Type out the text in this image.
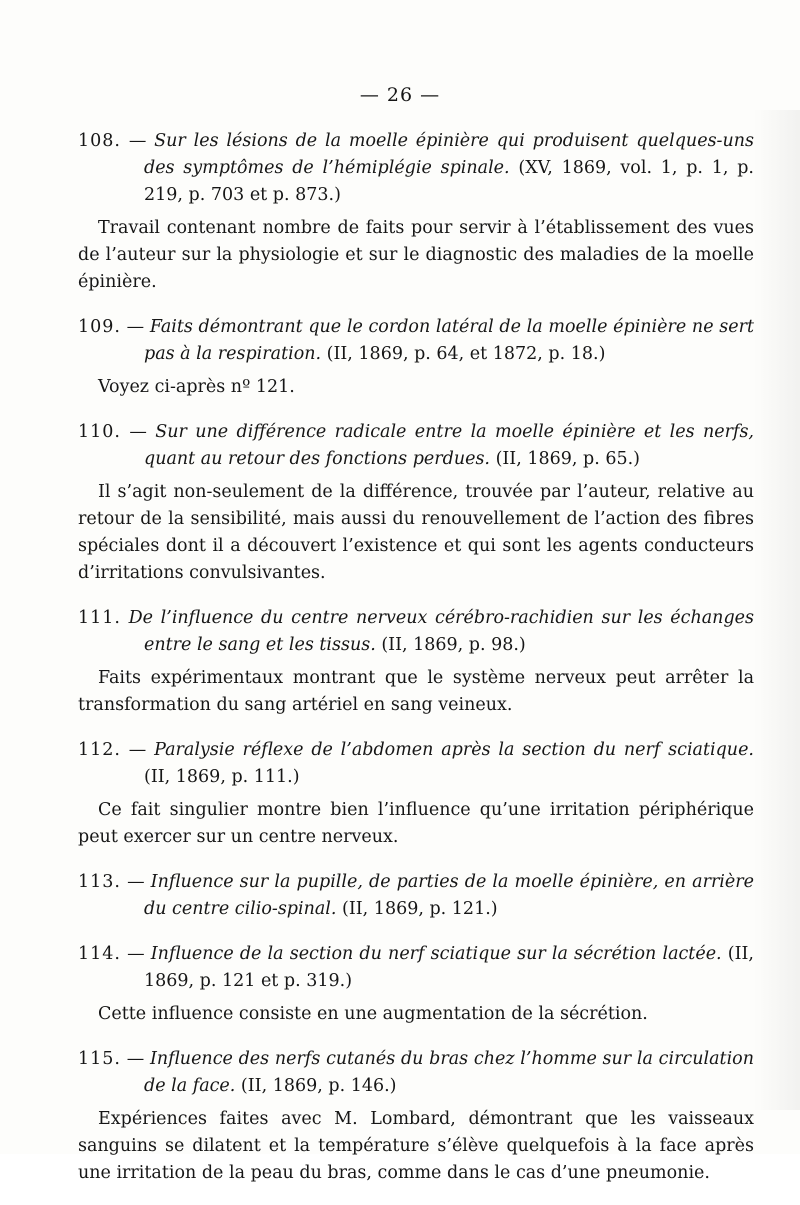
— 26 —
108. — Sur les lésions de la moelle épinière qui produisent quelques-uns des symptômes de l’hémiplégie spinale. (XV, 1869, vol. 1, p. 1, p. 219, p. 703 et p. 873.)
Travail contenant nombre de faits pour servir à l’établissement des vues de l’auteur sur la physiologie et sur le diagnostic des maladies de la moelle épinière.
109. — Faits démontrant que le cordon latéral de la moelle épinière ne sert pas à la respiration. (II, 1869, p. 64, et 1872, p. 18.)
Voyez ci-après nº 121.
110. — Sur une différence radicale entre la moelle épinière et les nerfs, quant au retour des fonctions perdues. (II, 1869, p. 65.)
Il s’agit non-seulement de la différence, trouvée par l’auteur, relative au retour de la sensibilité, mais aussi du renouvellement de l’action des fibres spéciales dont il a découvert l’existence et qui sont les agents conducteurs d’irritations convulsivantes.
111. De l’influence du centre nerveux cérébro-rachidien sur les échanges entre le sang et les tissus. (II, 1869, p. 98.)
Faits expérimentaux montrant que le système nerveux peut arrêter la transformation du sang artériel en sang veineux.
112. — Paralysie réflexe de l’abdomen après la section du nerf sciatique. (II, 1869, p. 111.)
Ce fait singulier montre bien l’influence qu’une irritation périphérique peut exercer sur un centre nerveux.
113. — Influence sur la pupille, de parties de la moelle épinière, en arrière du centre cilio-spinal. (II, 1869, p. 121.)
114. — Influence de la section du nerf sciatique sur la sécrétion lactée. (II, 1869, p. 121 et p. 319.)
Cette influence consiste en une augmentation de la sécrétion.
115. — Influence des nerfs cutanés du bras chez l’homme sur la circulation de la face. (II, 1869, p. 146.)
Expériences faites avec M. Lombard, démontrant que les vaisseaux sanguins se dilatent et la température s’élève quelquefois à la face après une irritation de la peau du bras, comme dans le cas d’une pneumonie.
